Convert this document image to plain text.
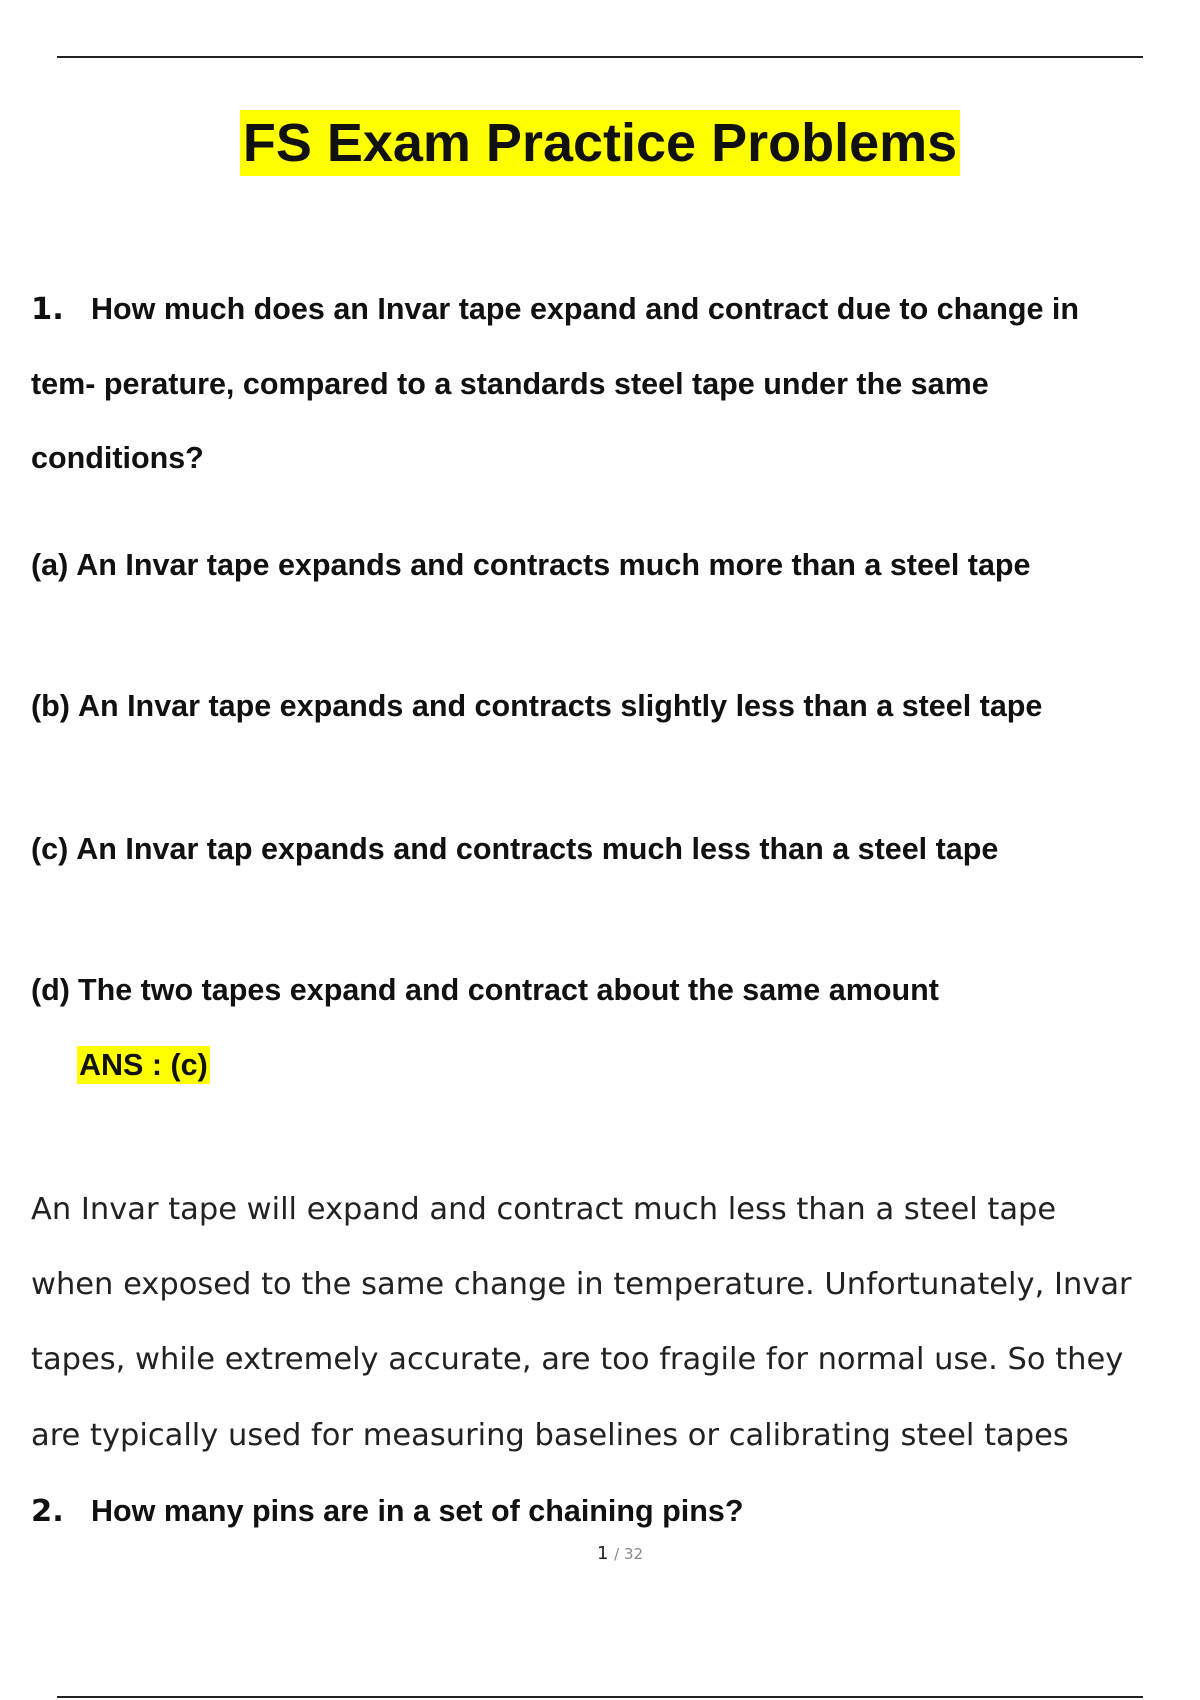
FS Exam Practice Problems
1. How much does an Invar tape expand and contract due to change in
tem- perature, compared to a standards steel tape under the same
conditions?
(a) An Invar tape expands and contracts much more than a steel tape
(b) An Invar tape expands and contracts slightly less than a steel tape
(c) An Invar tap expands and contracts much less than a steel tape
(d) The two tapes expand and contract about the same amount
ANS : (c)
An Invar tape will expand and contract much less than a steel tape
when exposed to the same change in temperature. Unfortunately, Invar
tapes, while extremely accurate, are too fragile for normal use. So they
are typically used for measuring baselines or calibrating steel tapes
2. How many pins are in a set of chaining pins?
1 / 32
